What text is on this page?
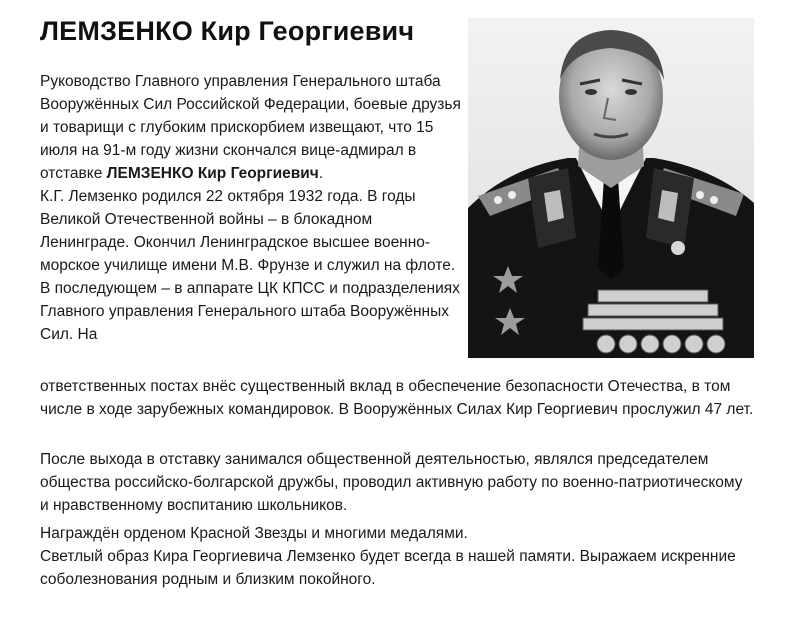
ЛЕМЗЕНКО Кир Георгиевич

Руководство Главного управления Генерального штаба Вооружённых Сил Российской Федерации, боевые друзья и товарищи с глубоким прискорбием извещают, что 15 июля на 91-м году жизни скончался вице-адмирал в отставке ЛЕМЗЕНКО Кир Георгиевич.

К.Г. Лемзенко родился 22 октября 1932 года. В годы Великой Отечественной войны – в блокадном Ленинграде. Окончил Ленинградское высшее военно-морское училище имени М.В. Фрунзе и служил на флоте. В последующем – в аппарате ЦК КПСС и подразделениях Главного управления Генерального штаба Вооружённых Сил. На

ответственных постах внёс существенный вклад в обеспечение безопасности Отечества, в том числе в ходе зарубежных командировок. В Вооружённых Силах Кир Георгиевич прослужил 47 лет.

После выхода в отставку занимался общественной деятельностью, являлся председателем общества российско-болгарской дружбы, проводил активную работу по военно-патриотическому и нравственному воспитанию школьников.

Награждён орденом Красной Звезды и многими медалями.

Светлый образ Кира Георгиевича Лемзенко будет всегда в нашей памяти. Выражаем искренние соболезнования родным и близким покойного.
